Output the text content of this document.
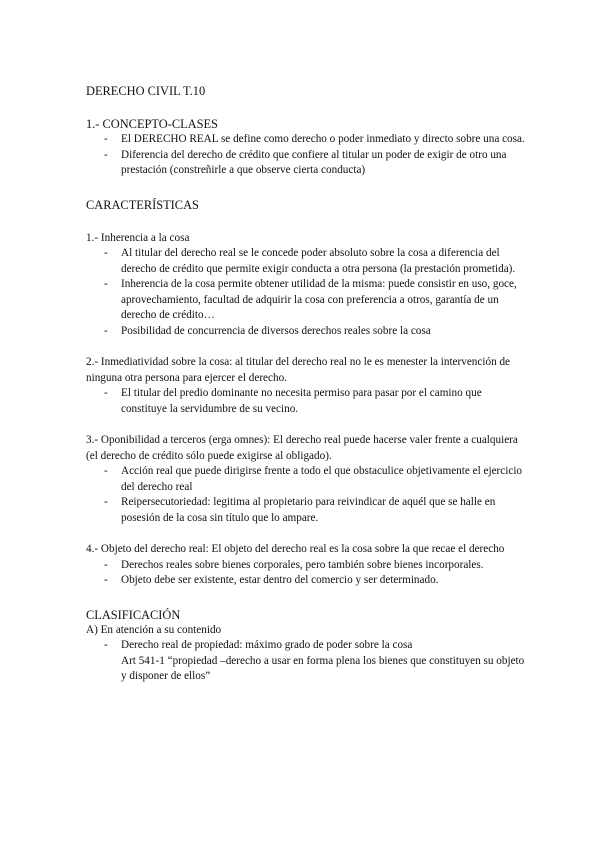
DERECHO CIVIL T.10
1.- CONCEPTO-CLASES
- El DERECHO REAL se define como derecho o poder inmediato y directo sobre una cosa.
- Diferencia del derecho de crédito que confiere al titular un poder de exigir de otro una prestación (constreñirle a que observe cierta conducta)
CARACTERÍSTICAS
1.- Inherencia a la cosa
- Al titular del derecho real se le concede poder absoluto sobre la cosa a diferencia del derecho de crédito que permite exigir conducta a otra persona (la prestación prometida).
- Inherencia de la cosa permite obtener utilidad de la misma: puede consistir en uso, goce, aprovechamiento, facultad de adquirir la cosa con preferencia a otros, garantía de un derecho de crédito…
- Posibilidad de concurrencia de diversos derechos reales sobre la cosa
2.- Inmediatividad sobre la cosa: al titular del derecho real no le es menester la intervención de ninguna otra persona para ejercer el derecho.
- El titular del predio dominante no necesita permiso para pasar por el camino que constituye la servidumbre de su vecino.
3.- Oponibilidad a terceros (erga omnes): El derecho real puede hacerse valer frente a cualquiera (el derecho de crédito sólo puede exigirse al obligado).
- Acción real que puede dirigirse frente a todo el que obstaculice objetivamente el ejercicio del derecho real
- Reipersecutoriedad: legitima al propietario para reivindicar de aquél que se halle en posesión de la cosa sin título que lo ampare.
4.- Objeto del derecho real: El objeto del derecho real es la cosa sobre la que recae el derecho
- Derechos reales sobre bienes corporales, pero también sobre bienes incorporales.
- Objeto debe ser existente, estar dentro del comercio y ser determinado.
CLASIFICACIÓN
A) En atención a su contenido
- Derecho real de propiedad: máximo grado de poder sobre la cosa
Art 541-1 “propiedad –derecho a usar en forma plena los bienes que constituyen su objeto y disponer de ellos”
